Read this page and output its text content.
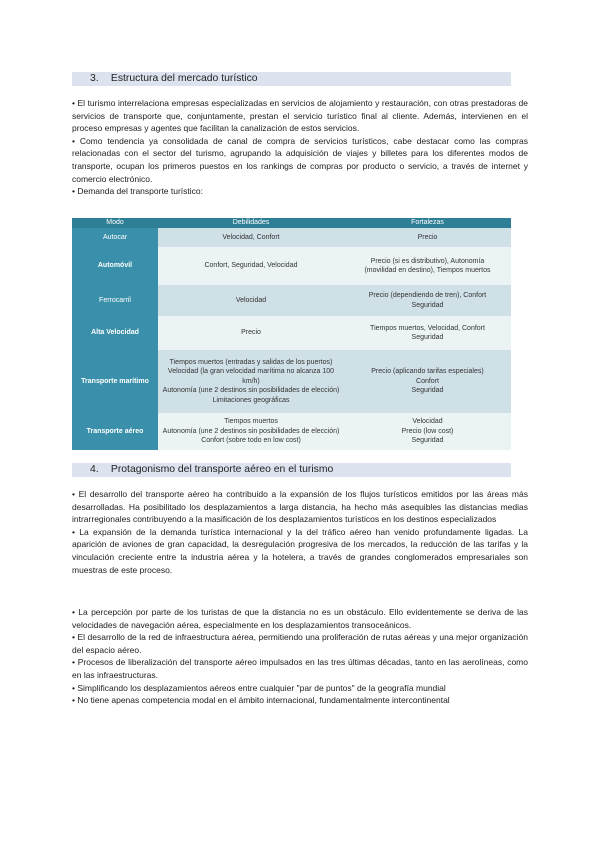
3. Estructura del mercado turístico

• El turismo interrelaciona empresas especializadas en servicios de alojamiento y restauración, con otras prestadoras de servicios de transporte que, conjuntamente, prestan el servicio turístico final al cliente. Además, intervienen en el proceso empresas y agentes que facilitan la canalización de estos servicios.

• Como tendencia ya consolidada de canal de compra de servicios turísticos, cabe destacar como las compras relacionadas con el sector del turismo, agrupando la adquisición de viajes y billetes para los diferentes modos de transporte, ocupan los primeros puestos en los rankings de compras por producto o servicio, a través de internet y comercio electrónico.

• Demanda del transporte turístico:

Modo	Debilidades	Fortalezas
Autocar	Velocidad, Confort	Precio

Automóvil	Confort, Seguridad, Velocidad	Precio (si es distributivo), Autonomía
(movilidad en destino), Tiempos muertos

Ferrocarril	Velocidad	Precio (dependiendo de tren), Confort
Seguridad

Alta Velocidad	Precio	Tiempos muertos, Velocidad, Confort
Seguridad

Transporte marítimo	Tiempos muertos (entradas y salidas de los puertos)
Velocidad (la gran velocidad marítima no alcanza 100 km/h)
Autonomía (une 2 destinos sin posibilidades de elección)
Limitaciones geográficas	Precio (aplicando tarifas especiales)
Confort
Seguridad

Transporte aéreo	Tiempos muertos
Autonomía (une 2 destinos sin posibilidades de elección)
Confort (sobre todo en low cost)	Velocidad
Precio (low cost)
Seguridad
4. Protagonismo del transporte aéreo en el turismo

• El desarrollo del transporte aéreo ha contribuido a la expansión de los flujos turísticos emitidos por las áreas más desarrolladas. Ha posibilitado los desplazamientos a larga distancia, ha hecho más asequibles las distancias medias intrarregionales contribuyendo a la masificación de los desplazamientos turísticos en los destinos especializados

• La expansión de la demanda turística internacional y la del tráfico aéreo han venido profundamente ligadas. La aparición de aviones de gran capacidad, la desregulación progresiva de los mercados, la reducción de las tarifas y la vinculación creciente entre la industria aérea y la hotelera, a través de grandes conglomerados empresariales son muestras de este proceso.

• La percepción por parte de los turistas de que la distancia no es un obstáculo. Ello evidentemente se deriva de las velocidades de navegación aérea, especialmente en los desplazamientos transoceánicos.

• El desarrollo de la red de infraestructura aérea, permitiendo una proliferación de rutas aéreas y una mejor organización del espacio aéreo.

• Procesos de liberalización del transporte aéreo impulsados en las tres últimas décadas, tanto en las aerolíneas, como en las infraestructuras.

• Simplificando los desplazamientos aéreos entre cualquier "par de puntos" de la geografía mundial

• No tiene apenas competencia modal en el ámbito internacional, fundamentalmente intercontinental
